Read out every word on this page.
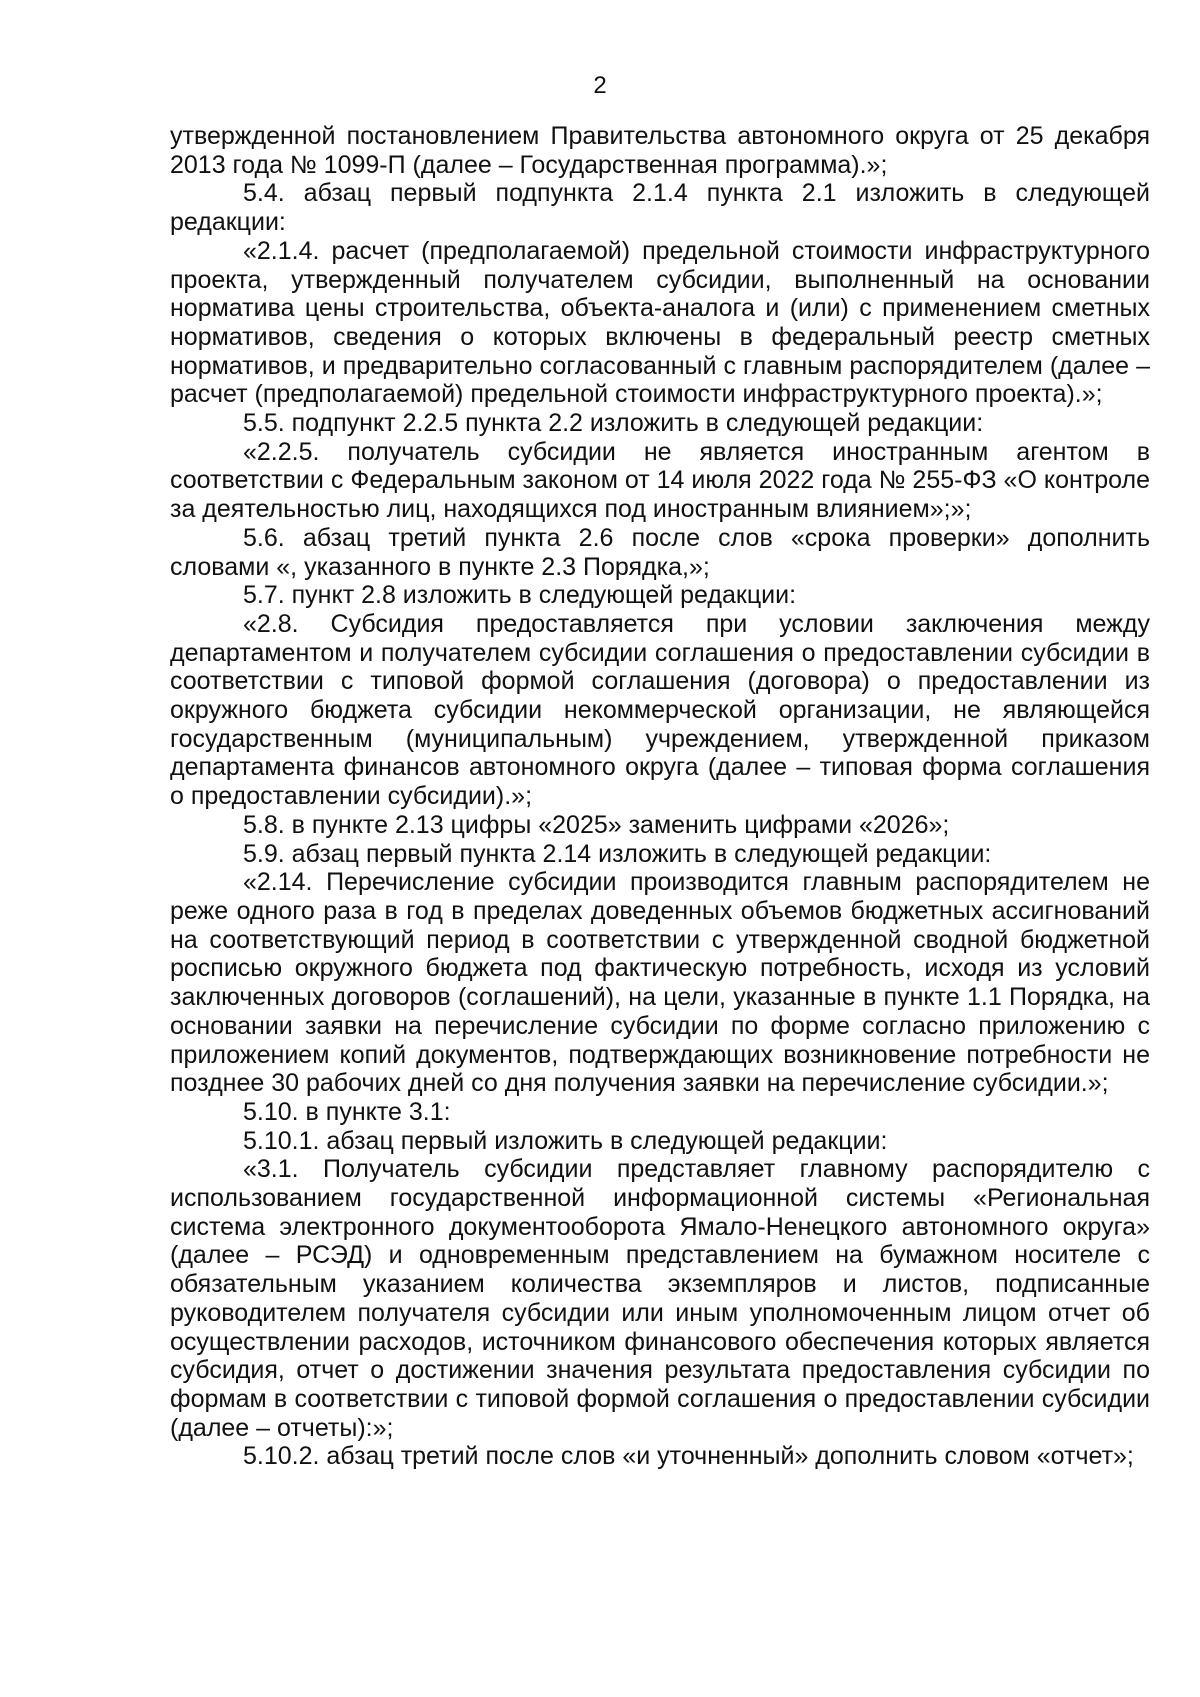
2

утвержденной постановлением Правительства автономного округа от 25 декабря 2013 года № 1099-П (далее – Государственная программа).»;

5.4. абзац первый подпункта 2.1.4 пункта 2.1 изложить в следующей редакции:

«2.1.4. расчет (предполагаемой) предельной стоимости инфраструктурного проекта, утвержденный получателем субсидии, выполненный на основании норматива цены строительства, объекта-аналога и (или) с применением сметных нормативов, сведения о которых включены в федеральный реестр сметных нормативов, и предварительно согласованный с главным распорядителем (далее – расчет (предполагаемой) предельной стоимости инфраструктурного проекта).»;

5.5. подпункт 2.2.5 пункта 2.2 изложить в следующей редакции:

«2.2.5. получатель субсидии не является иностранным агентом в соответствии с Федеральным законом от 14 июля 2022 года № 255-ФЗ «О контроле за деятельностью лиц, находящихся под иностранным влиянием»;»;

5.6. абзац третий пункта 2.6 после слов «срока проверки» дополнить словами «, указанного в пункте 2.3 Порядка,»;

5.7. пункт 2.8 изложить в следующей редакции:

«2.8. Субсидия предоставляется при условии заключения между департаментом и получателем субсидии соглашения о предоставлении субсидии в соответствии с типовой формой соглашения (договора) о предоставлении из окружного бюджета субсидии некоммерческой организации, не являющейся государственным (муниципальным) учреждением, утвержденной приказом департамента финансов автономного округа (далее – типовая форма соглашения о предоставлении субсидии).»;

5.8. в пункте 2.13 цифры «2025» заменить цифрами «2026»;

5.9. абзац первый пункта 2.14 изложить в следующей редакции:

«2.14. Перечисление субсидии производится главным распорядителем не реже одного раза в год в пределах доведенных объемов бюджетных ассигнований на соответствующий период в соответствии с утвержденной сводной бюджетной росписью окружного бюджета под фактическую потребность, исходя из условий заключенных договоров (соглашений), на цели, указанные в пункте 1.1 Порядка, на основании заявки на перечисление субсидии по форме согласно приложению с приложением копий документов, подтверждающих возникновение потребности не позднее 30 рабочих дней со дня получения заявки на перечисление субсидии.»;

5.10. в пункте 3.1:

5.10.1. абзац первый изложить в следующей редакции:

«3.1. Получатель субсидии представляет главному распорядителю с использованием государственной информационной системы «Региональная система электронного документооборота Ямало-Ненецкого автономного округа» (далее – РСЭД) и одновременным представлением на бумажном носителе с обязательным указанием количества экземпляров и листов, подписанные руководителем получателя субсидии или иным уполномоченным лицом отчет об осуществлении расходов, источником финансового обеспечения которых является субсидия, отчет о достижении значения результата предоставления субсидии по формам в соответствии с типовой формой соглашения о предоставлении субсидии (далее – отчеты):»;

5.10.2. абзац третий после слов «и уточненный» дополнить словом «отчет»;
